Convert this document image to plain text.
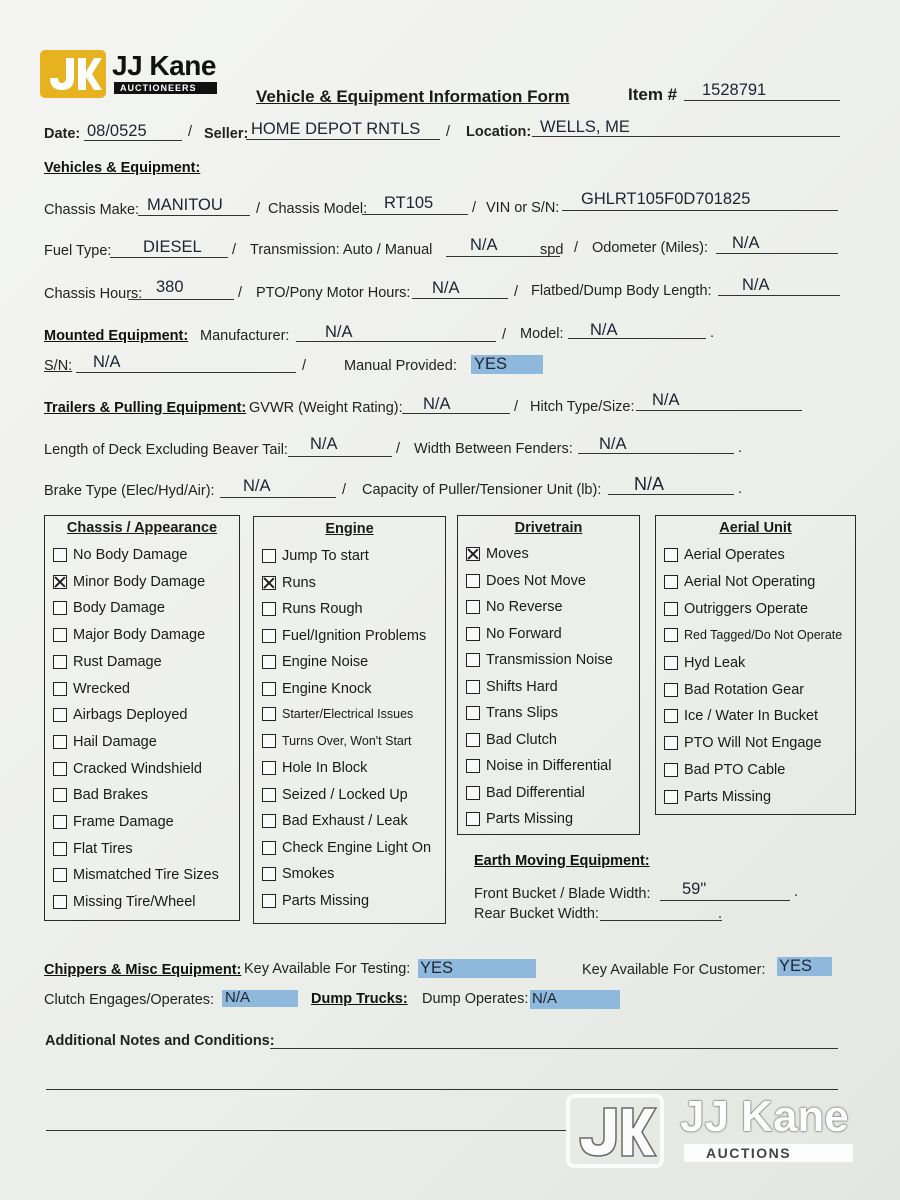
JJ Kane
AUCTIONEERS	Vehicle & Equipment Information Form	Item # 1528791
Date: 08/0525	/ Seller: HOME DEPOT RNTLS / Location: WELLS, ME
Vehicles & Equipment:
Chassis Make: MANITOU / Chassis Model: RT105	/ VIN or S/N: GHLRT105F0D701825
Fuel Type: DIESEL / Transmission: Auto / Manual N/A	spd / Odometer (Miles): N/A
Chassis Hours: 380	/ PTO/Pony Motor Hours: N/A	/ Flatbed/Dump Body Length: N/A
Mounted Equipment: Manufacturer: N/A	/ Model: N/A	.
S/N: N/A	/	Manual Provided: YES
Trailers & Pulling Equipment: GVWR (Weight Rating): N/A	/ Hitch Type/Size: N/A
Length of Deck Excluding Beaver Tail: N/A	/ Width Between Fenders: N/A	.
Brake Type (Elec/Hyd/Air): N/A	/ Capacity of Puller/Tensioner Unit (lb): N/A	.
Chassis / Appearance
No Body Damage
Minor Body Damage
Body Damage
Major Body Damage
Rust Damage
Wrecked
Airbags Deployed
Hail Damage
Cracked Windshield
Bad Brakes
Frame Damage
Flat Tires
Mismatched Tire Sizes
Missing Tire/Wheel
Engine
Jump To start
Runs
Runs Rough
Fuel/Ignition Problems
Engine Noise
Engine Knock
Starter/Electrical Issues
Turns Over, Won't Start
Hole In Block
Seized / Locked Up
Bad Exhaust / Leak
Check Engine Light On
Smokes
Parts Missing
Drivetrain
Moves
Does Not Move
No Reverse
No Forward
Transmission Noise
Shifts Hard
Trans Slips
Bad Clutch
Noise in Differential
Bad Differential
Parts Missing
Aerial Unit
Aerial Operates
Aerial Not Operating
Outriggers Operate
Red Tagged/Do Not Operate
Hyd Leak
Bad Rotation Gear
Ice / Water In Bucket
PTO Will Not Engage
Bad PTO Cable
Parts Missing
Earth Moving Equipment:
Front Bucket / Blade Width: 59"	.
Rear Bucket Width:	.
Chippers & Misc Equipment: Key Available For Testing: YES	Key Available For Customer: YES
Clutch Engages/Operates: N/A	Dump Trucks: Dump Operates: N/A
Additional Notes and Conditions:
JJ Kane
AUCTIONS
